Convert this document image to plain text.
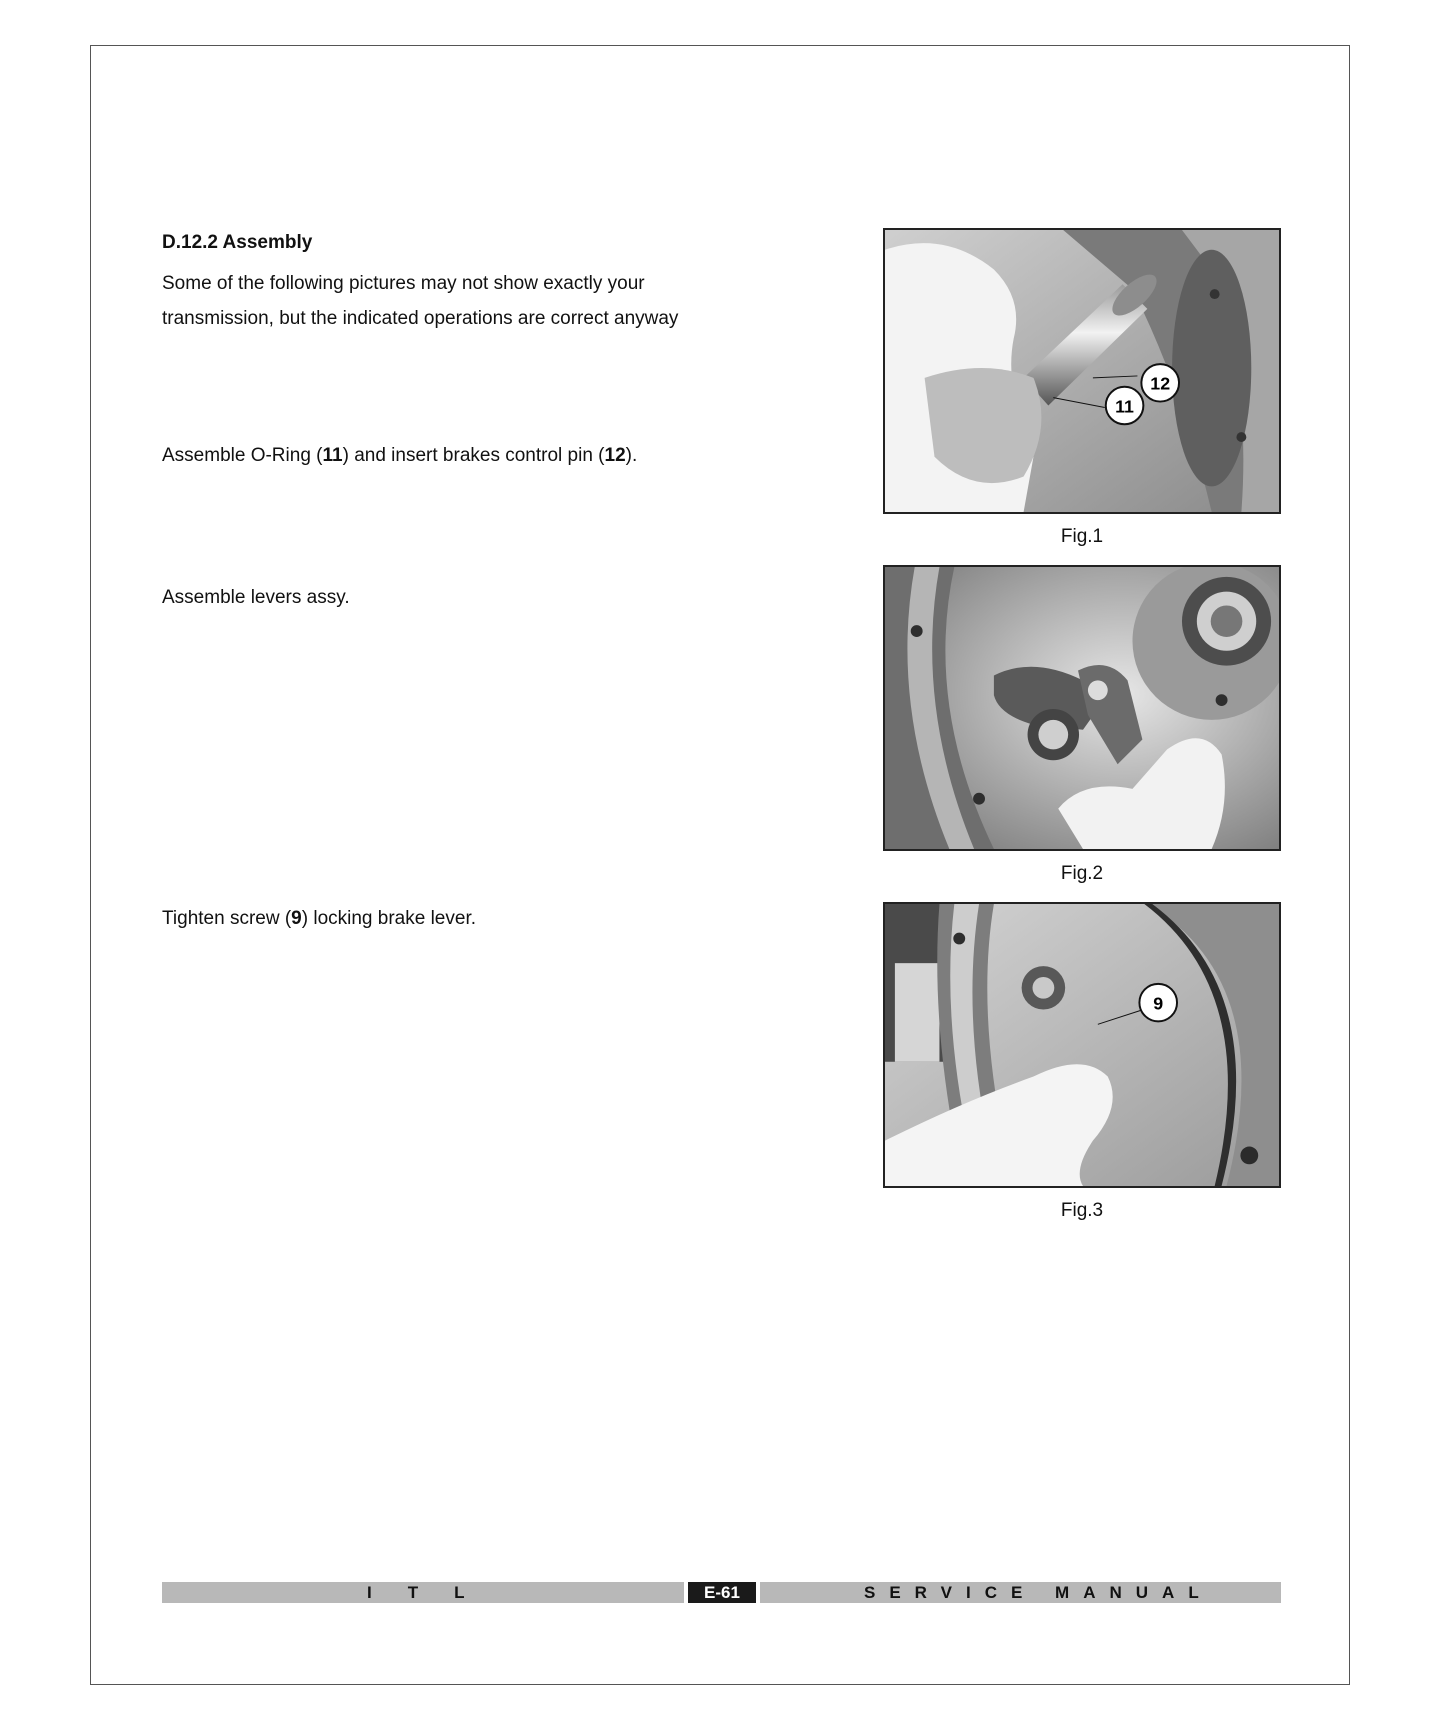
D.12.2 Assembly
Some of the following pictures may not show exactly your transmission, but the indicated operations are correct anyway
Assemble O-Ring (11) and insert brakes control pin (12).
Assemble levers assy.
Tighten screw (9) locking brake lever.
12
11
Fig.1
Fig.2
9
Fig.3
ITL	E-61	SERVICE MANUAL
